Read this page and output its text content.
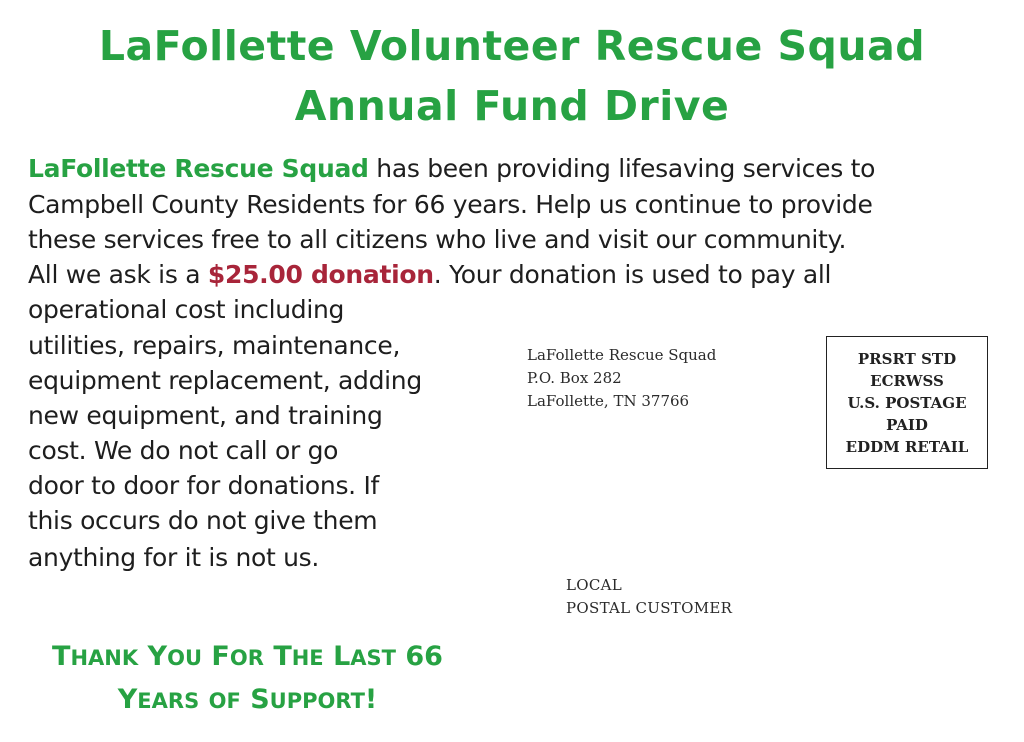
LaFollette Volunteer Rescue Squad
Annual Fund Drive

LaFollette Rescue Squad has been providing lifesaving services to

Campbell County Residents for 66 years. Help us continue to provide

these services free to all citizens who live and visit our community.

All we ask is a $25.00 donation. Your donation is used to pay all

operational cost including

utilities, repairs, maintenance,

equipment replacement, adding

new equipment, and training

cost. We do not call or go

door to door for donations. If

this occurs do not give them

anything for it is not us.

LaFollette Rescue Squad
P.O. Box 282
LaFollette, TN 37766
PRSRT STD
ECRWSS
U.S. POSTAGE
PAID
EDDM RETAIL
LOCAL
POSTAL CUSTOMER
THANK YOU FOR THE LAST 66
YEARS OF SUPPORT!
